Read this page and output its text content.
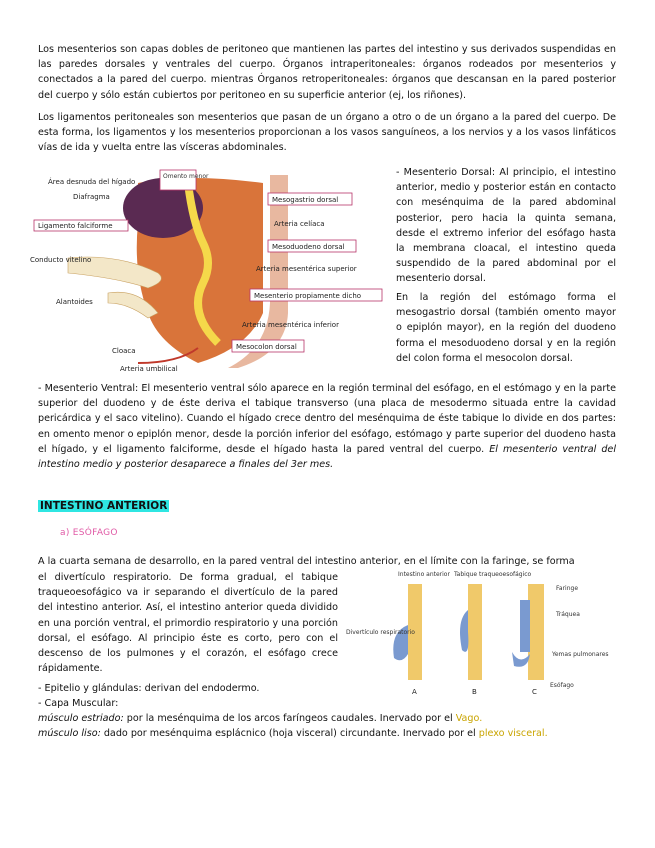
Los mesenterios son capas dobles de peritoneo que mantienen las partes del intestino y sus derivados suspendidas en las paredes dorsales y ventrales del cuerpo. Órganos intraperitoneales: órganos rodeados por mesenterios y conectados a la pared del cuerpo. mientras Órganos retroperitoneales: órganos que descansan en la pared posterior del cuerpo y sólo están cubiertos por peritoneo en su superficie anterior (ej, los riñones).

Los ligamentos peritoneales son mesenterios que pasan de un órgano a otro o de un órgano a la pared del cuerpo. De esta forma, los ligamentos y los mesenterios proporcionan a los vasos sanguíneos, a los nervios y a los vasos linfáticos vías de ida y vuelta entre las vísceras abdominales.

Área desnuda del hígado
Diafragma
Ligamento falciforme
Conducto vitelino
Alantoides
Cloaca
Arteria umbilical
Omento menor
Mesogastrio dorsal
Arteria celíaca
Mesoduodeno dorsal
Arteria mesentérica superior
Mesenterio propiamente dicho
Arteria mesentérica inferior
Mesocolon dorsal

- Mesenterio Dorsal: Al principio, el intestino anterior, medio y posterior están en contacto con mesénquima de la pared abdominal posterior, pero hacia la quinta semana, desde el extremo inferior del esófago hasta la membrana cloacal, el intestino queda suspendido de la pared abdominal por el mesenterio dorsal.

En la región del estómago forma el mesogastrio dorsal (también omento mayor o epiplón mayor), en la región del duodeno forma el mesoduodeno dorsal y en la región del colon forma el mesocolon dorsal.

- Mesenterio Ventral: El mesenterio ventral sólo aparece en la región terminal del esófago, en el estómago y en la parte superior del duodeno y de éste deriva el tabique transverso (una placa de mesodermo situada entre la cavidad pericárdica y el saco vitelino). Cuando el hígado crece dentro del mesénquima de éste tabique lo divide en dos partes: en omento menor o epiplón menor, desde la porción inferior del esófago, estómago y parte superior del duodeno hasta el hígado, y el ligamento falciforme, desde el hígado hasta la pared ventral del cuerpo. El mesenterio ventral del intestino medio y posterior desaparece a finales del 3er mes.

INTESTINO ANTERIOR
a) ESÓFAGO

A la cuarta semana de desarrollo, en la pared ventral del intestino anterior, en el límite con la faringe, se forma

el divertículo respiratorio. De forma gradual, el tabique traqueoesofágico va ir separando el divertículo de la pared del intestino anterior. Así, el intestino anterior queda dividido en una porción ventral, el primordio respiratorio y una porción dorsal, el esófago. Al principio éste es corto, pero con el descenso de los pulmones y el corazón, el esófago crece rápidamente.

Intestino anterior Tabique traqueoesofágico
Faringe
Tráquea
Divertículo respiratorio
Yemas pulmonares
Esófago
A	B	C

- Epitelio y glándulas: derivan del endodermo.

- Capa Muscular:

músculo estriado: por la mesénquima de los arcos faríngeos caudales. Inervado por el Vago.

músculo liso: dado por mesénquima esplácnico (hoja visceral) circundante. Inervado por el plexo visceral.
